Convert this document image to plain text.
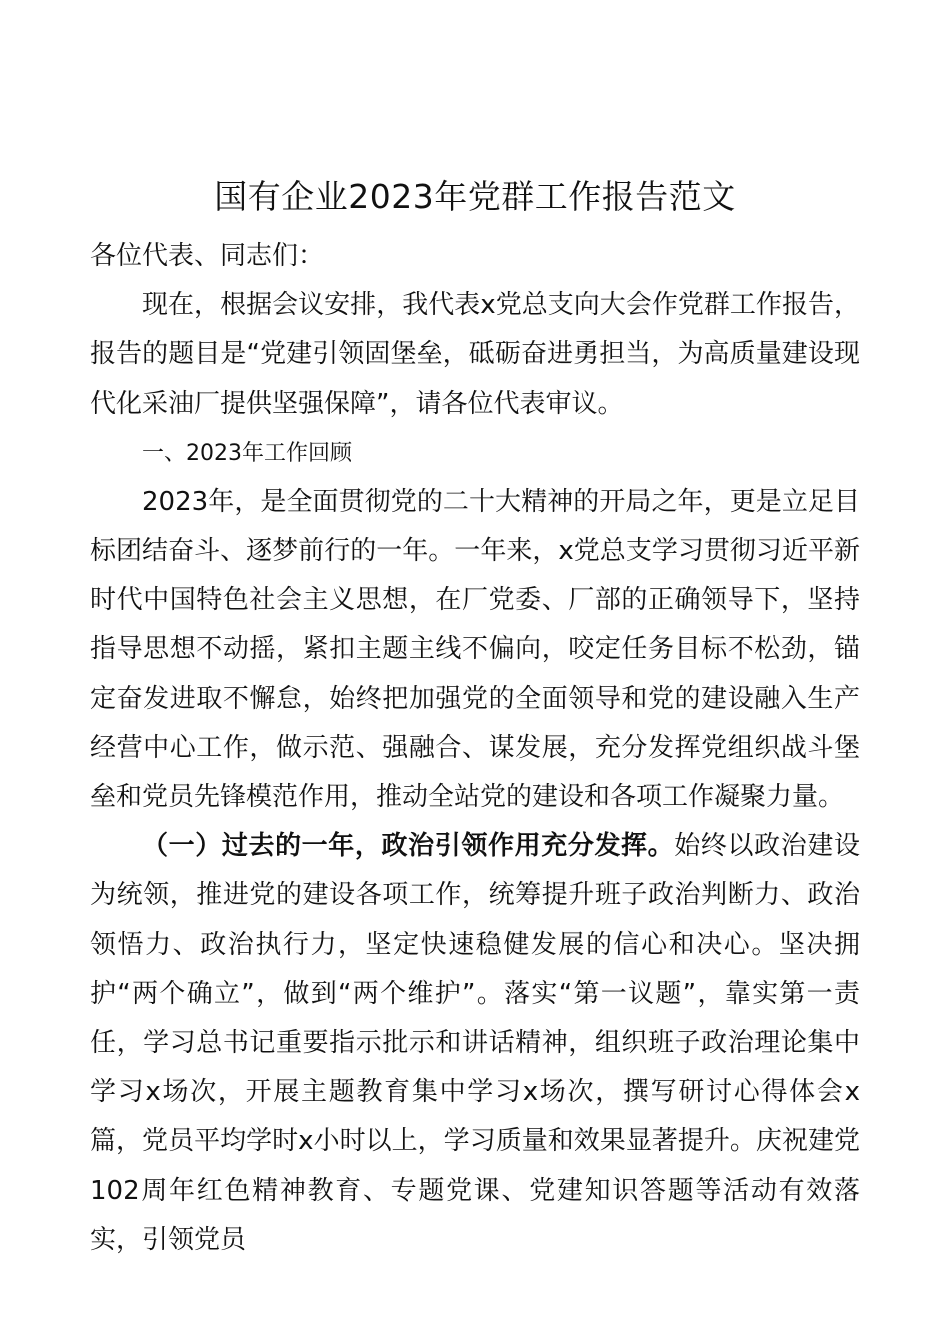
国有企业2023年党群工作报告范文

各位代表、同志们：

现在，根据会议安排，我代表x党总支向大会作党群工作报告，报告的题目是“党建引领固堡垒，砥砺奋进勇担当，为高质量建设现代化采油厂提供坚强保障”，请各位代表审议。

一、2023年工作回顾

2023年，是全面贯彻党的二十大精神的开局之年，更是立足目标团结奋斗、逐梦前行的一年。一年来，x党总支学习贯彻习近平新时代中国特色社会主义思想，在厂党委、厂部的正确领导下，坚持指导思想不动摇，紧扣主题主线不偏向，咬定任务目标不松劲，锚定奋发进取不懈怠，始终把加强党的全面领导和党的建设融入生产经营中心工作，做示范、强融合、谋发展，充分发挥党组织战斗堡垒和党员先锋模范作用，推动全站党的建设和各项工作凝聚力量。

（一）过去的一年，政治引领作用充分发挥。始终以政治建设为统领，推进党的建设各项工作，统筹提升班子政治判断力、政治领悟力、政治执行力，坚定快速稳健发展的信心和决心。坚决拥护“两个确立”，做到“两个维护”。落实“第一议题”，靠实第一责任，学习总书记重要指示批示和讲话精神，组织班子政治理论集中学习x场次，开展主题教育集中学习x场次，撰写研讨心得体会x篇，党员平均学时x小时以上，学习质量和效果显著提升。庆祝建党102周年红色精神教育、专题党课、党建知识答题等活动有效落实，引领党员
